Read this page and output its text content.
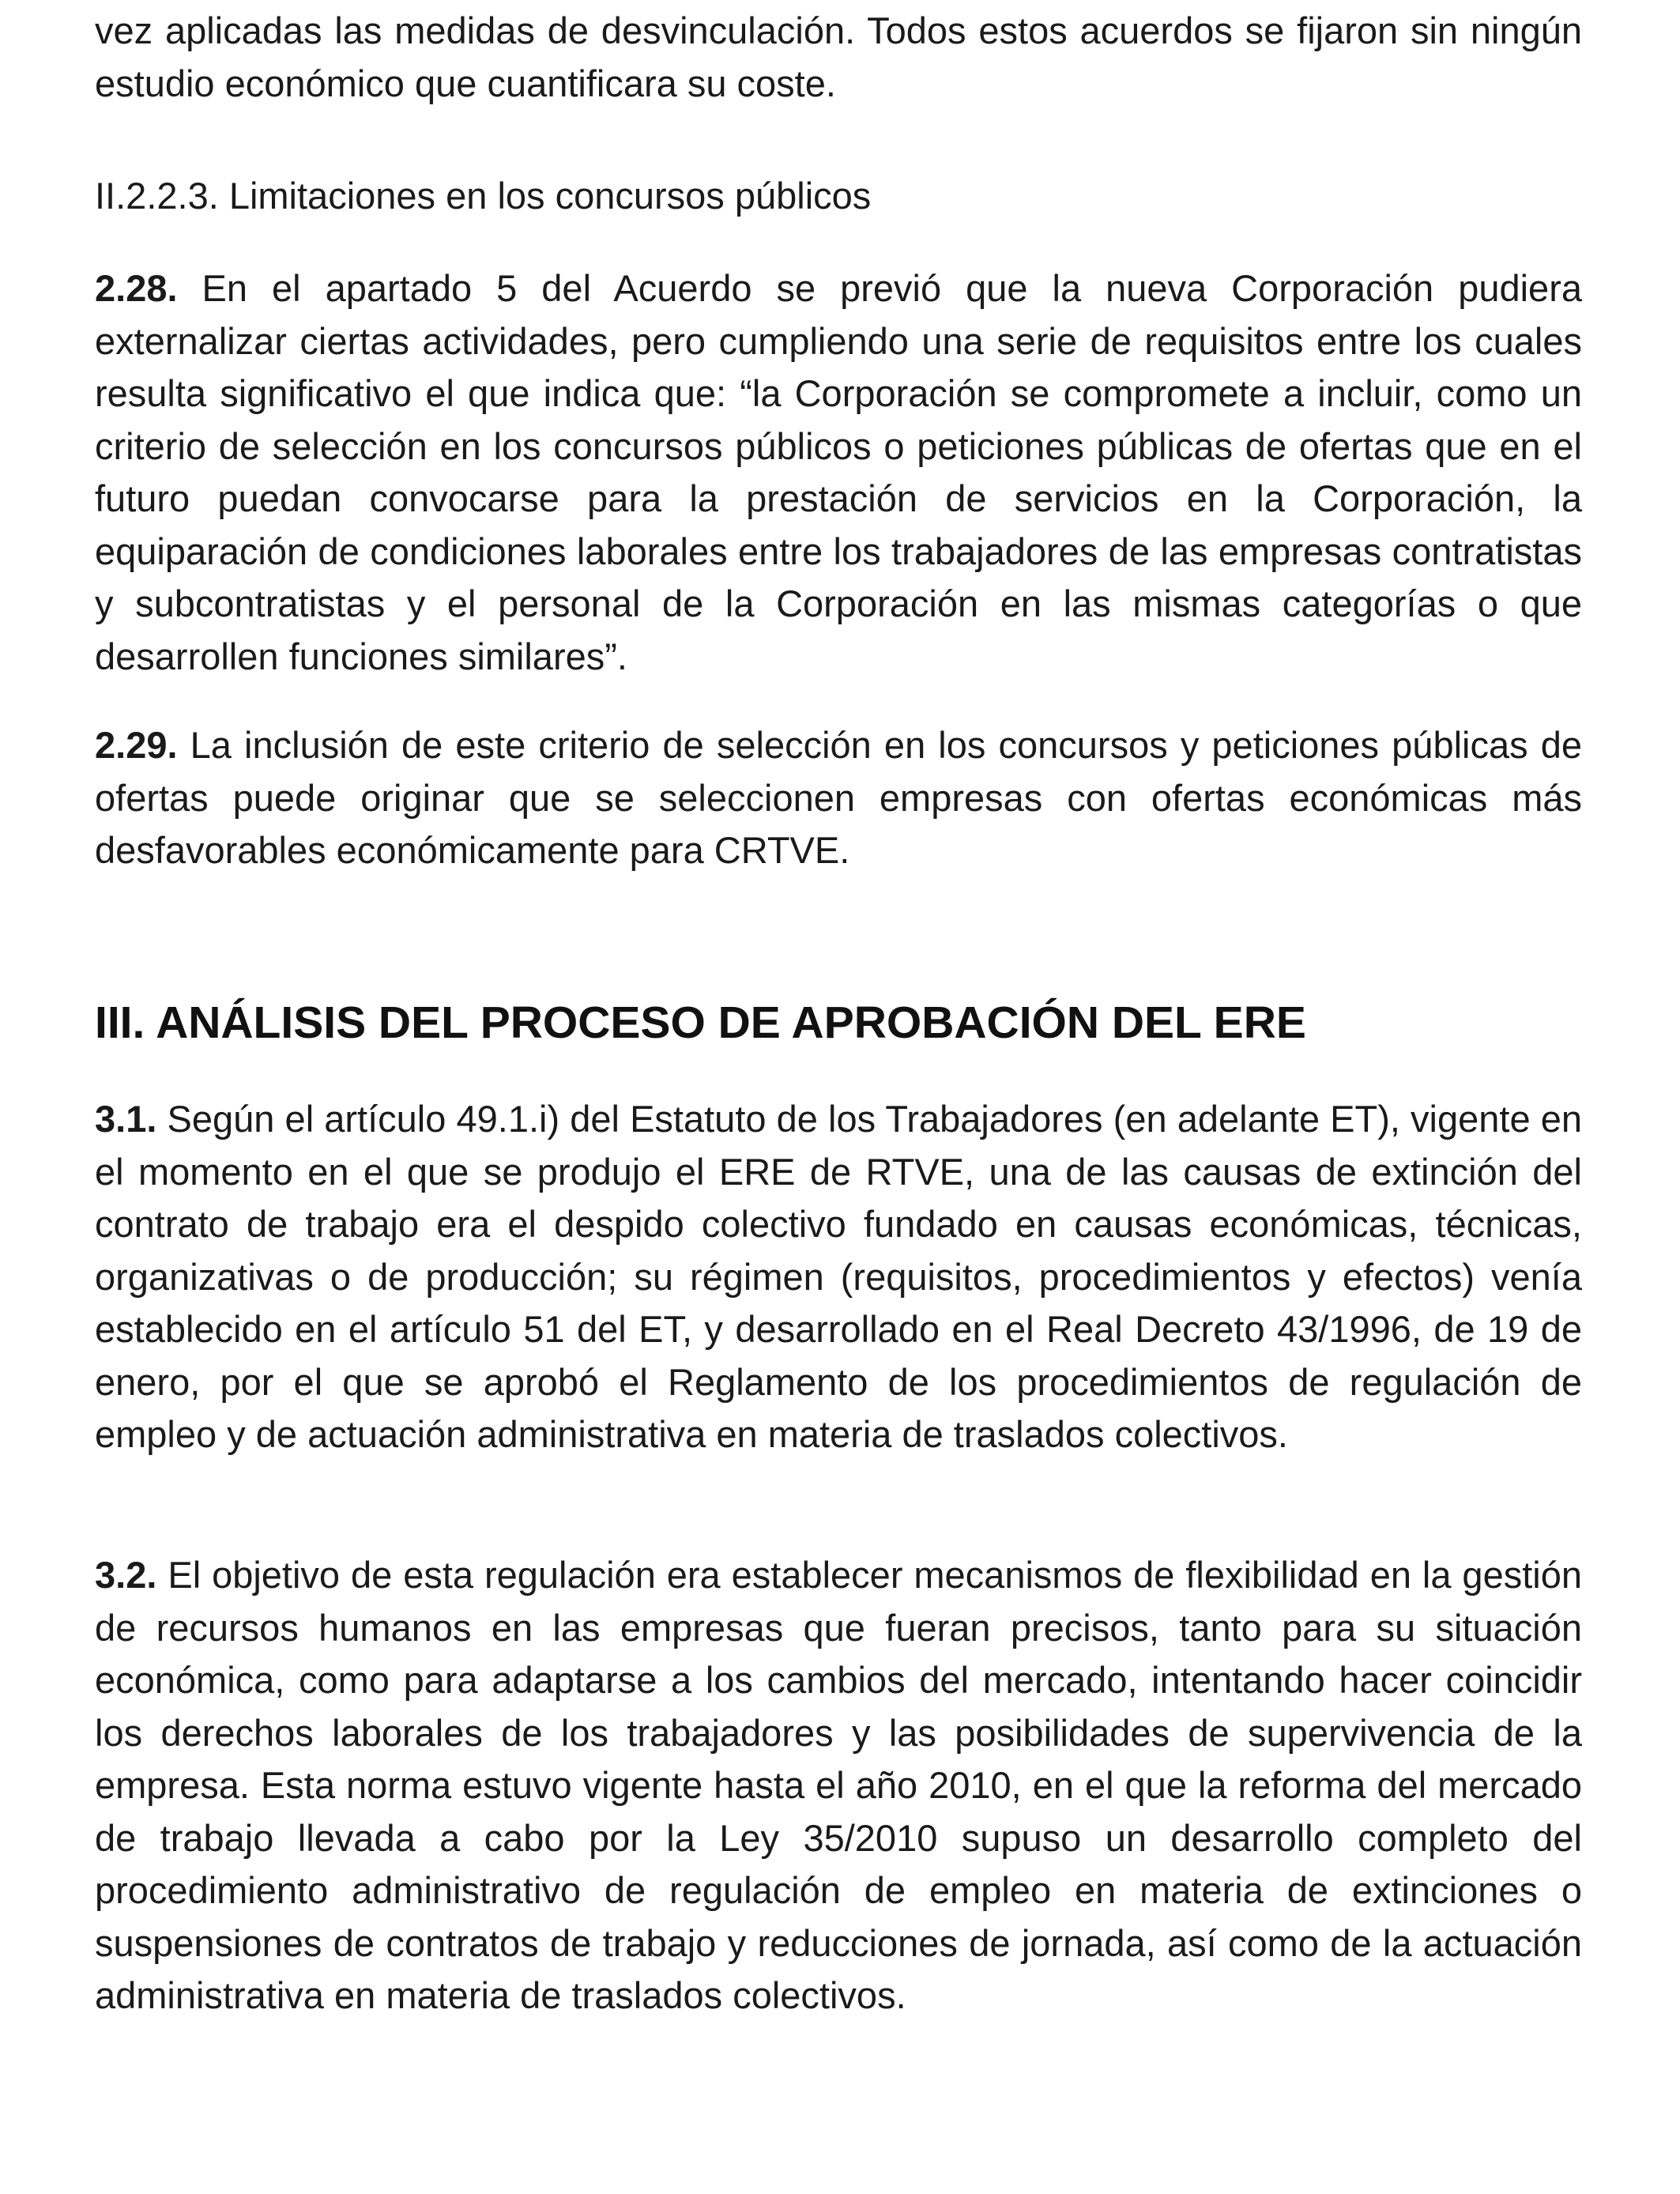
vez aplicadas las medidas de desvinculación. Todos estos acuerdos se fijaron sin ningún estudio económico que cuantificara su coste.

II.2.2.3. Limitaciones en los concursos públicos

2.28. En el apartado 5 del Acuerdo se previó que la nueva Corporación pudiera externalizar ciertas actividades, pero cumpliendo una serie de requisitos entre los cuales resulta significativo el que indica que: “la Corporación se compromete a incluir, como un criterio de selección en los concursos públicos o peticiones públicas de ofertas que en el futuro puedan convocarse para la prestación de servicios en la Corporación, la equiparación de condiciones laborales entre los trabajadores de las empresas contratistas y subcontratistas y el personal de la Corporación en las mismas categorías o que desarrollen funciones similares”.

2.29. La inclusión de este criterio de selección en los concursos y peticiones públicas de ofertas puede originar que se seleccionen empresas con ofertas económicas más desfavorables económicamente para CRTVE.

III. ANÁLISIS DEL PROCESO DE APROBACIÓN DEL ERE

3.1. Según el artículo 49.1.i) del Estatuto de los Trabajadores (en adelante ET), vigente en el momento en el que se produjo el ERE de RTVE, una de las causas de extinción del contrato de trabajo era el despido colectivo fundado en causas económicas, técnicas, organizativas o de producción; su régimen (requisitos, procedimientos y efectos) venía establecido en el artículo 51 del ET, y desarrollado en el Real Decreto 43/1996, de 19 de enero, por el que se aprobó el Reglamento de los procedimientos de regulación de empleo y de actuación administrativa en materia de traslados colectivos.

3.2. El objetivo de esta regulación era establecer mecanismos de flexibilidad en la gestión de recursos humanos en las empresas que fueran precisos, tanto para su situación económica, como para adaptarse a los cambios del mercado, intentando hacer coincidir los derechos laborales de los trabajadores y las posibilidades de supervivencia de la empresa. Esta norma estuvo vigente hasta el año 2010, en el que la reforma del mercado de trabajo llevada a cabo por la Ley 35/2010 supuso un desarrollo completo del procedimiento administrativo de regulación de empleo en materia de extinciones o suspensiones de contratos de trabajo y reducciones de jornada, así como de la actuación administrativa en materia de traslados colectivos.
